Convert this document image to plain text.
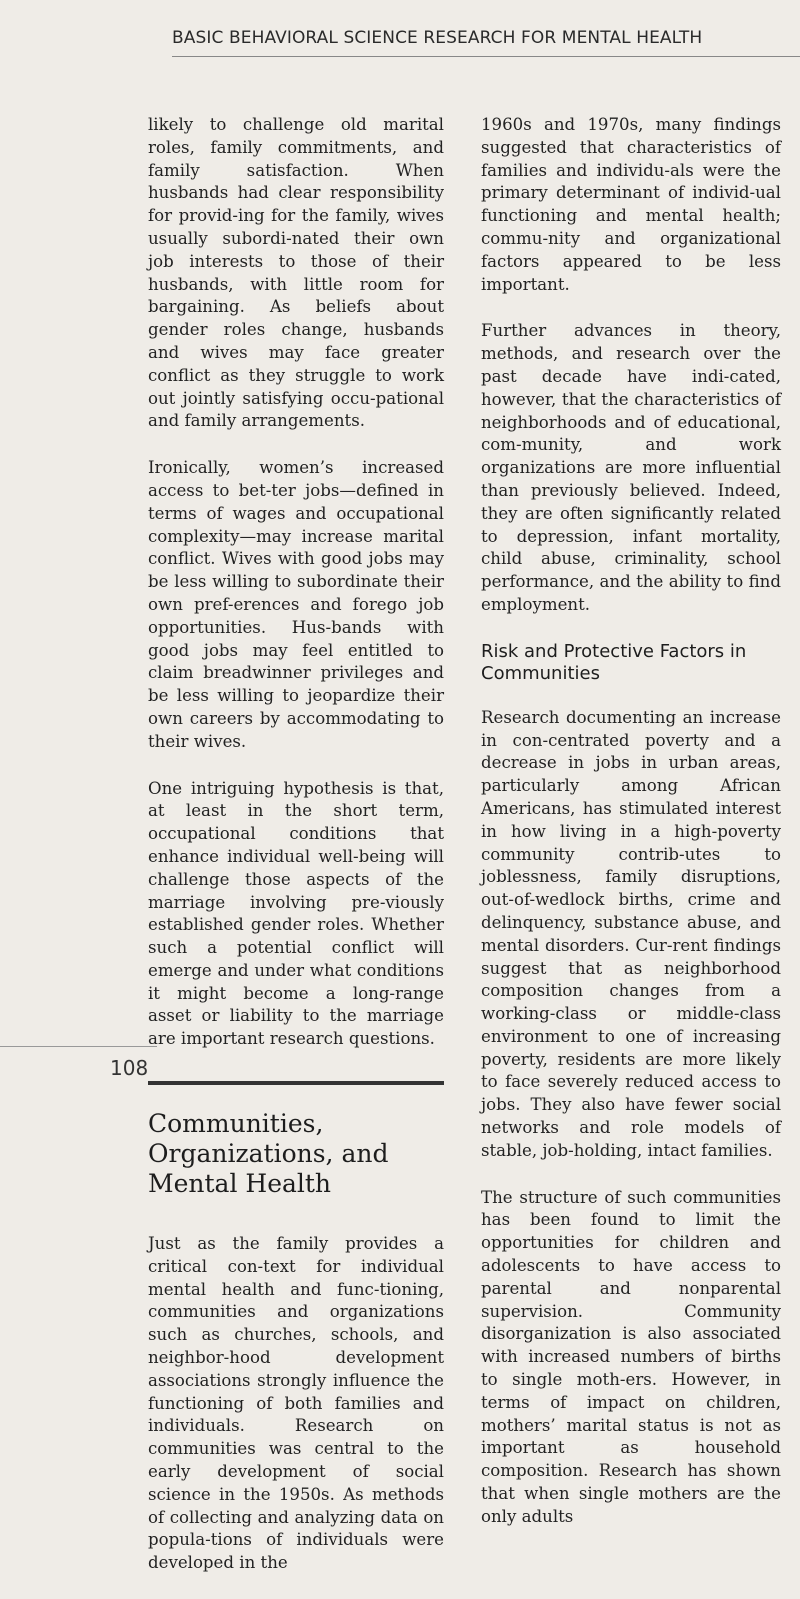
BASIC BEHAVIORAL SCIENCE RESEARCH FOR MENTAL HEALTH

likely to challenge old marital roles, family commitments, and family satisfaction. When husbands had clear responsibility for provid-ing for the family, wives usually subordi-nated their own job interests to those of their husbands, with little room for bargaining. As beliefs about gender roles change, husbands and wives may face greater conflict as they struggle to work out jointly satisfying occu-pational and family arrangements.

Ironically, women’s increased access to bet-ter jobs—defined in terms of wages and occupational complexity—may increase marital conflict. Wives with good jobs may be less willing to subordinate their own pref-erences and forego job opportunities. Hus-bands with good jobs may feel entitled to claim breadwinner privileges and be less willing to jeopardize their own careers by accommodating to their wives.

One intriguing hypothesis is that, at least in the short term, occupational conditions that enhance individual well-being will challenge those aspects of the marriage involving pre-viously established gender roles. Whether such a potential conflict will emerge and under what conditions it might become a long-range asset or liability to the marriage are important research questions.

Communities, Organizations, and Mental Health

Just as the family provides a critical con-text for individual mental health and func-tioning, communities and organizations such as churches, schools, and neighbor-hood development associations strongly influence the functioning of both families and individuals. Research on communities was central to the early development of social science in the 1950s. As methods of collecting and analyzing data on popula-tions of individuals were developed in the

1960s and 1970s, many findings suggested that characteristics of families and individu-als were the primary determinant of individ-ual functioning and mental health; commu-nity and organizational factors appeared to be less important.

Further advances in theory, methods, and research over the past decade have indi-cated, however, that the characteristics of neighborhoods and of educational, com-munity, and work organizations are more influential than previously believed. Indeed, they are often significantly related to depression, infant mortality, child abuse, criminality, school performance, and the ability to find employment.

Risk and Protective Factors in Communities

Research documenting an increase in con-centrated poverty and a decrease in jobs in urban areas, particularly among African Americans, has stimulated interest in how living in a high-poverty community contrib-utes to joblessness, family disruptions, out-of-wedlock births, crime and delinquency, substance abuse, and mental disorders. Cur-rent findings suggest that as neighborhood composition changes from a working-class or middle-class environment to one of increasing poverty, residents are more likely to face severely reduced access to jobs. They also have fewer social networks and role models of stable, job-holding, intact families.

The structure of such communities has been found to limit the opportunities for children and adolescents to have access to parental and nonparental supervision. Community disorganization is also associated with increased numbers of births to single moth-ers. However, in terms of impact on children, mothers’ marital status is not as important as household composition. Research has shown that when single mothers are the only adults

108
